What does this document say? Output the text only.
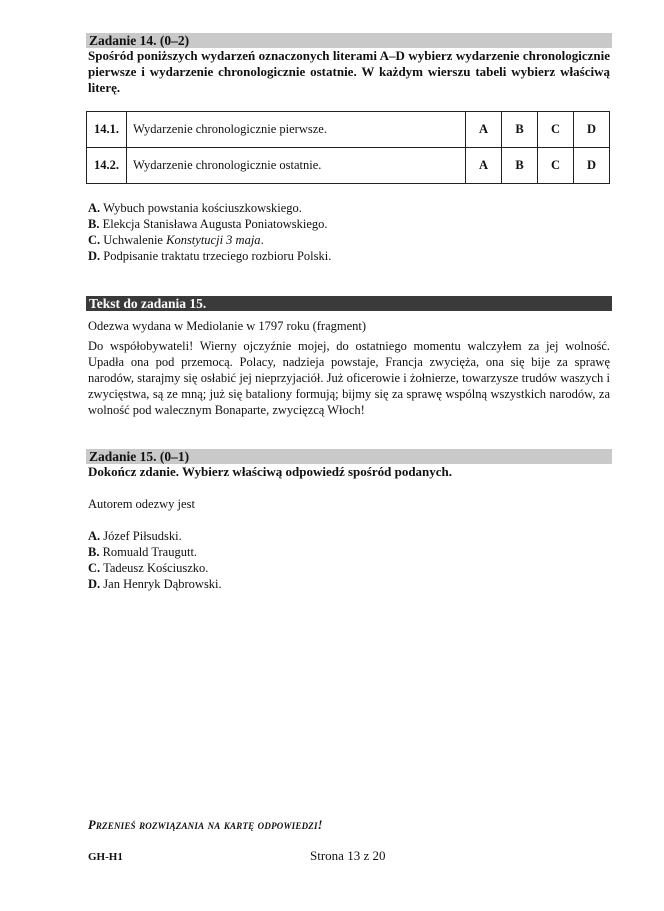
Zadanie 14. (0–2)

Spośród poniższych wydarzeń oznaczonych literami A–D wybierz wydarzenie chronologicznie pierwsze i wydarzenie chronologicznie ostatnie. W każdym wierszu tabeli wybierz właściwą literę.

14.1.	Wydarzenie chronologicznie pierwsze.	A	B	C	D
14.2.	Wydarzenie chronologicznie ostatnie.	A	B	C	D
A. Wybuch powstania kościuszkowskiego.
B. Elekcja Stanisława Augusta Poniatowskiego.
C. Uchwalenie Konstytucji 3 maja.
D. Podpisanie traktatu trzeciego rozbioru Polski.
Tekst do zadania 15.

Odezwa wydana w Mediolanie w 1797 roku (fragment)

Do współobywateli! Wierny ojczyźnie mojej, do ostatniego momentu walczyłem za jej wolność. Upadła ona pod przemocą. Polacy, nadzieja powstaje, Francja zwycięża, ona się bije za sprawę narodów, starajmy się osłabić jej nieprzyjaciół. Już oficerowie i żołnierze, towarzysze trudów waszych i zwycięstwa, są ze mną; już się bataliony formują; bijmy się za sprawę wspólną wszystkich narodów, za wolność pod walecznym Bonaparte, zwycięzcą Włoch!

Zadanie 15. (0–1)

Dokończ zdanie. Wybierz właściwą odpowiedź spośród podanych.

Autorem odezwy jest

A. Józef Piłsudski.
B. Romuald Traugutt.
C. Tadeusz Kościuszko.
D. Jan Henryk Dąbrowski.
Przenieś rozwiązania na kartę odpowiedzi!
GH-H1	Strona 13 z 20
